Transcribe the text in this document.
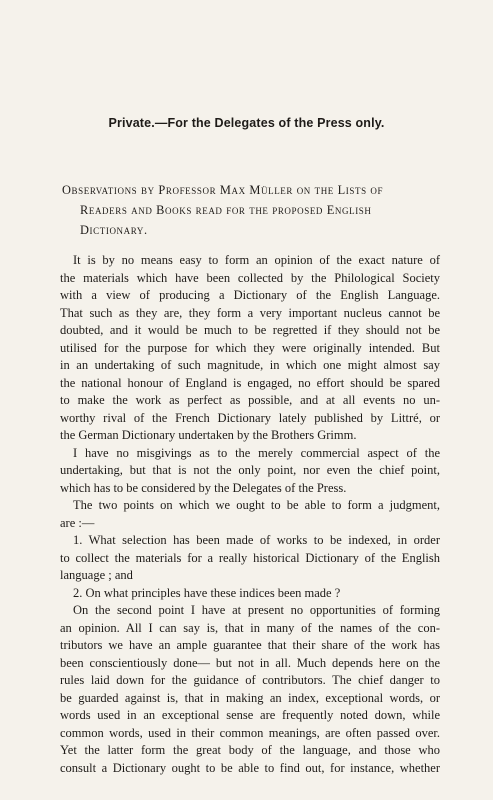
Private.—For the Delegates of the Press only.
Observations by Professor Max Müller on the Lists of
Readers and Books read for the proposed English
Dictionary.
It is by no means easy to form an opinion of the exact nature of
the materials which have been collected by the Philological Society
with a view of producing a Dictionary of the English Language.
That such as they are, they form a very important nucleus cannot be
doubted, and it would be much to be regretted if they should not be
utilised for the purpose for which they were originally intended. But
in an undertaking of such magnitude, in which one might almost say
the national honour of England is engaged, no effort should be spared
to make the work as perfect as possible, and at all events no un-
worthy rival of the French Dictionary lately published by Littré, or
the German Dictionary undertaken by the Brothers Grimm.
I have no misgivings as to the merely commercial aspect of the
undertaking, but that is not the only point, nor even the chief point,
which has to be considered by the Delegates of the Press.
The two points on which we ought to be able to form a judgment,
are :—
1. What selection has been made of works to be indexed, in order
to collect the materials for a really historical Dictionary of the English
language ; and
2. On what principles have these indices been made ?
On the second point I have at present no opportunities of forming
an opinion. All I can say is, that in many of the names of the con-
tributors we have an ample guarantee that their share of the work has
been conscientiously done— but not in all. Much depends here on the
rules laid down for the guidance of contributors. The chief danger to
be guarded against is, that in making an index, exceptional words, or
words used in an exceptional sense are frequently noted down, while
common words, used in their common meanings, are often passed over.
Yet the latter form the great body of the language, and those who
consult a Dictionary ought to be able to find out, for instance, whether
